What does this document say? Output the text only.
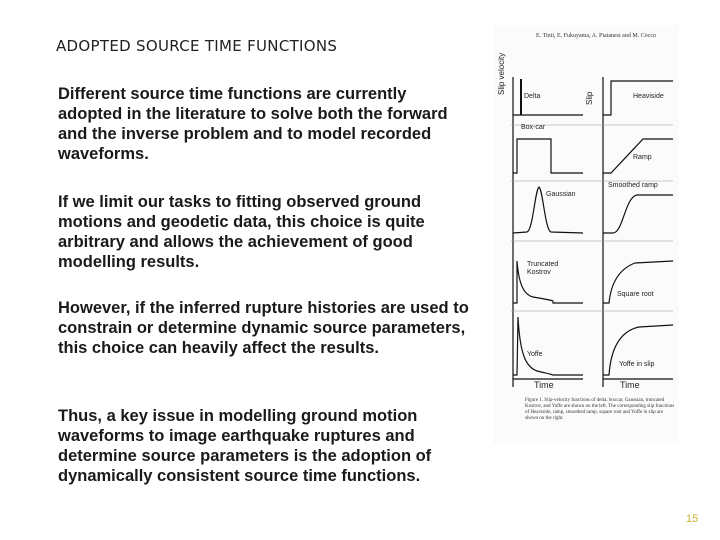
ADOPTED SOURCE TIME FUNCTIONS

Different source time functions are currently adopted in the literature to solve both the forward and the inverse problem and to model recorded waveforms.

If we limit our tasks to fitting observed ground motions and geodetic data, this choice is quite arbitrary and allows the achievement of good modelling results.

However, if the inferred rupture histories are used to constrain or determine dynamic source parameters, this choice can heavily affect the results.

Thus, a key issue in modelling ground motion waveforms to image earthquake ruptures and determine source parameters is the adoption of dynamically consistent source time functions.

E. Tinti, E. Fukuyama, A. Piatanesi and M. Cocco
Slip velocity
Slip
Delta	Heaviside
Box-car
Ramp
Smoothed ramp
Gaussian
Truncated
Kostrov
Square root
Yoffe
Yoffe in slip
Time	Time
Figure 1. Slip-velocity functions of delta, boxcar, Gaussian, truncated Kostrov, and Yoffe are shown on the left. The corresponding slip functions of Heaviside, ramp, smoothed ramp, square root and Yoffe in slip are shown on the right.
15
